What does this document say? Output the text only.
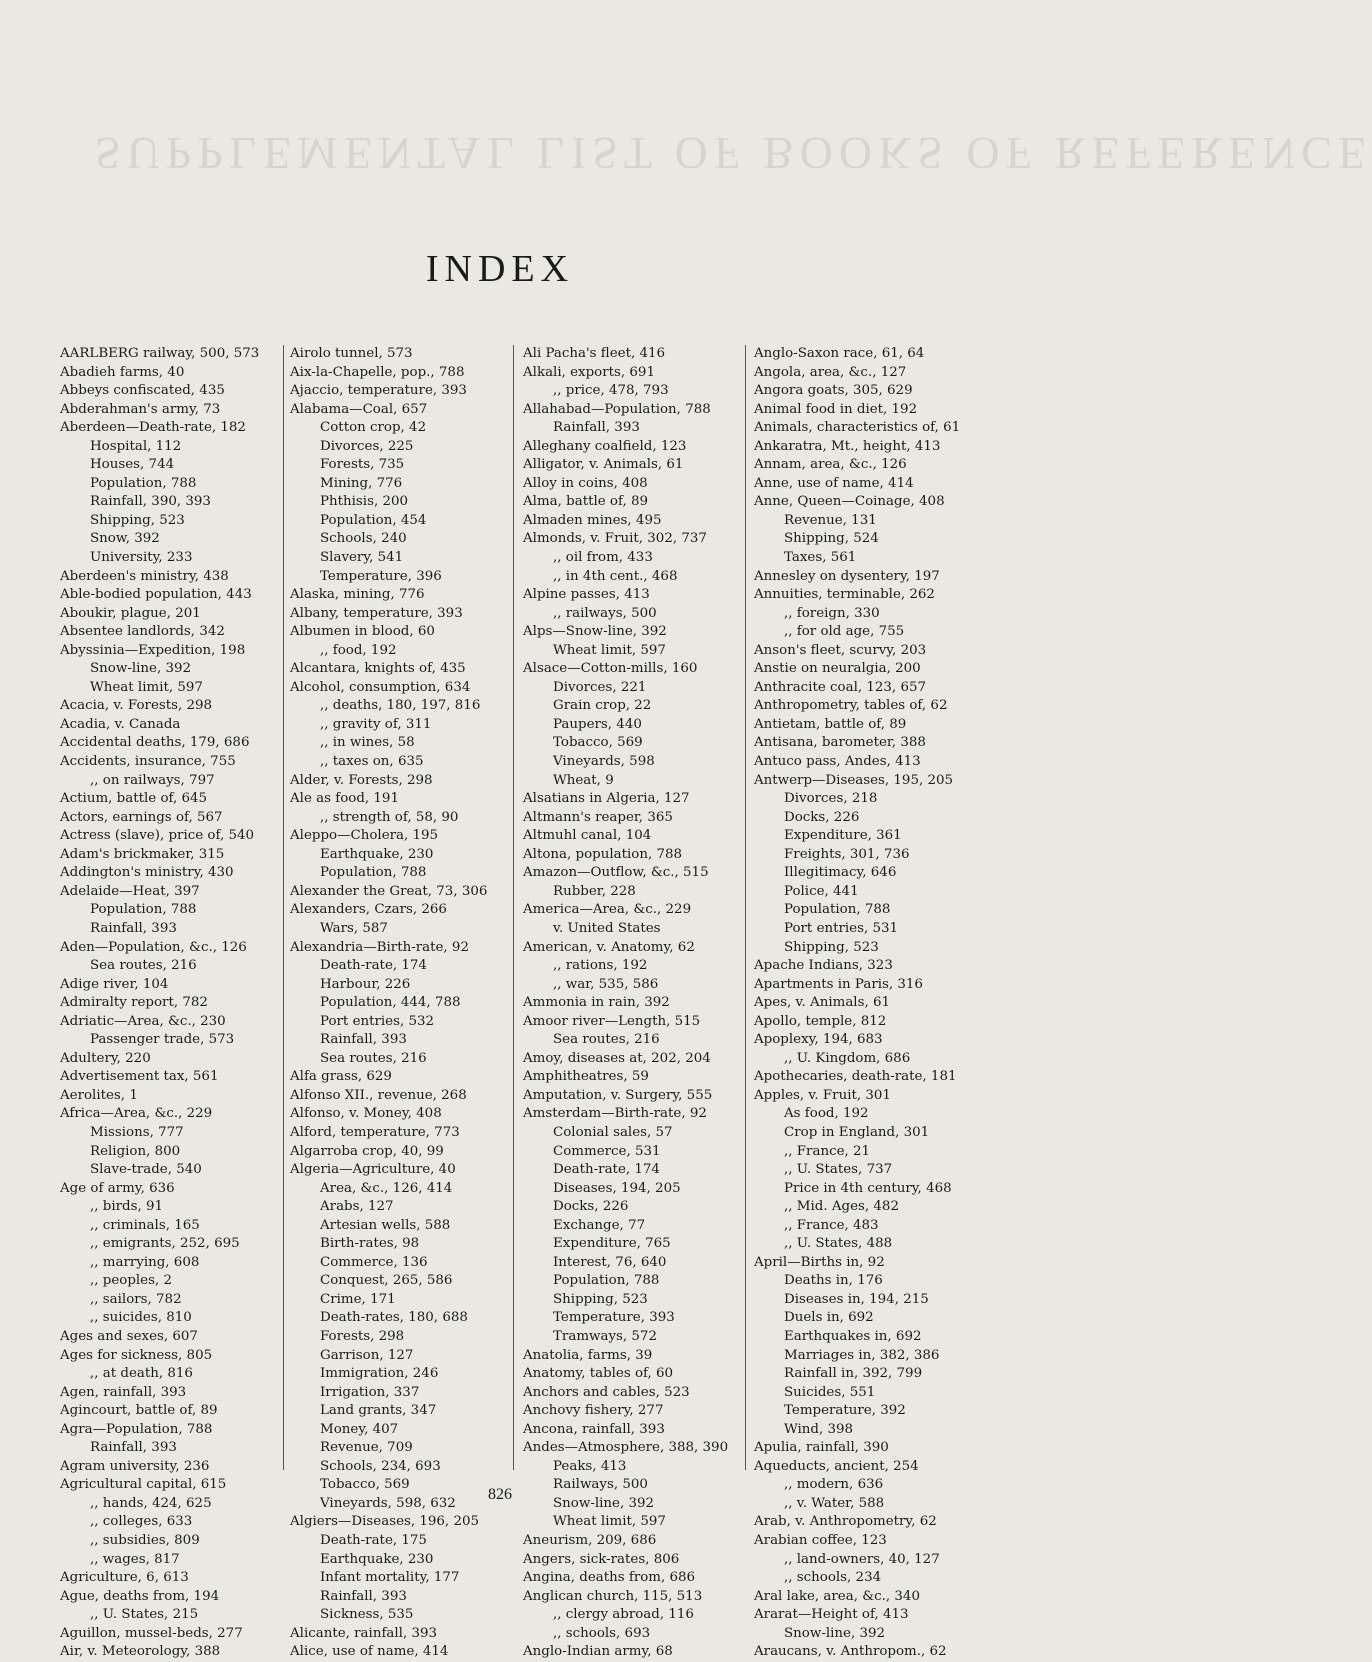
SUPPLEMENTAL LIST OF BOOKS OF REFERENCE
INDEX
AARLBERG railway, 500, 573
Abadieh farms, 40
Abbeys confiscated, 435
Abderahman's army, 73
Aberdeen—Death-rate, 182
Hospital, 112
Houses, 744
Population, 788
Rainfall, 390, 393
Shipping, 523
Snow, 392
University, 233
Aberdeen's ministry, 438
Able-bodied population, 443
Aboukir, plague, 201
Absentee landlords, 342
Abyssinia—Expedition, 198
Snow-line, 392
Wheat limit, 597
Acacia, v. Forests, 298
Acadia, v. Canada
Accidental deaths, 179, 686
Accidents, insurance, 755
,, on railways, 797
Actium, battle of, 645
Actors, earnings of, 567
Actress (slave), price of, 540
Adam's brickmaker, 315
Addington's ministry, 430
Adelaide—Heat, 397
Population, 788
Rainfall, 393
Aden—Population, &c., 126
Sea routes, 216
Adige river, 104
Admiralty report, 782
Adriatic—Area, &c., 230
Passenger trade, 573
Adultery, 220
Advertisement tax, 561
Aerolites, 1
Africa—Area, &c., 229
Missions, 777
Religion, 800
Slave-trade, 540
Age of army, 636
,, birds, 91
,, criminals, 165
,, emigrants, 252, 695
,, marrying, 608
,, peoples, 2
,, sailors, 782
,, suicides, 810
Ages and sexes, 607
Ages for sickness, 805
,, at death, 816
Agen, rainfall, 393
Agincourt, battle of, 89
Agra—Population, 788
Rainfall, 393
Agram university, 236
Agricultural capital, 615
,, hands, 424, 625
,, colleges, 633
,, subsidies, 809
,, wages, 817
Agriculture, 6, 613
Ague, deaths from, 194
,, U. States, 215
Aguillon, mussel-beds, 277
Air, v. Meteorology, 388
Airolo tunnel, 573
Aix-la-Chapelle, pop., 788
Ajaccio, temperature, 393
Alabama—Coal, 657
Cotton crop, 42
Divorces, 225
Forests, 735
Mining, 776
Phthisis, 200
Population, 454
Schools, 240
Slavery, 541
Temperature, 396
Alaska, mining, 776
Albany, temperature, 393
Albumen in blood, 60
,, food, 192
Alcantara, knights of, 435
Alcohol, consumption, 634
,, deaths, 180, 197, 816
,, gravity of, 311
,, in wines, 58
,, taxes on, 635
Alder, v. Forests, 298
Ale as food, 191
,, strength of, 58, 90
Aleppo—Cholera, 195
Earthquake, 230
Population, 788
Alexander the Great, 73, 306
Alexanders, Czars, 266
Wars, 587
Alexandria—Birth-rate, 92
Death-rate, 174
Harbour, 226
Population, 444, 788
Port entries, 532
Rainfall, 393
Sea routes, 216
Alfa grass, 629
Alfonso XII., revenue, 268
Alfonso, v. Money, 408
Alford, temperature, 773
Algarroba crop, 40, 99
Algeria—Agriculture, 40
Area, &c., 126, 414
Arabs, 127
Artesian wells, 588
Birth-rates, 98
Commerce, 136
Conquest, 265, 586
Crime, 171
Death-rates, 180, 688
Forests, 298
Garrison, 127
Immigration, 246
Irrigation, 337
Land grants, 347
Money, 407
Revenue, 709
Schools, 234, 693
Tobacco, 569
Vineyards, 598, 632
Algiers—Diseases, 196, 205
Death-rate, 175
Earthquake, 230
Infant mortality, 177
Rainfall, 393
Sickness, 535
Alicante, rainfall, 393
Alice, use of name, 414
Ali Pacha's fleet, 416
Alkali, exports, 691
,, price, 478, 793
Allahabad—Population, 788
Rainfall, 393
Alleghany coalfield, 123
Alligator, v. Animals, 61
Alloy in coins, 408
Alma, battle of, 89
Almaden mines, 495
Almonds, v. Fruit, 302, 737
,, oil from, 433
,, in 4th cent., 468
Alpine passes, 413
,, railways, 500
Alps—Snow-line, 392
Wheat limit, 597
Alsace—Cotton-mills, 160
Divorces, 221
Grain crop, 22
Paupers, 440
Tobacco, 569
Vineyards, 598
Wheat, 9
Alsatians in Algeria, 127
Altmann's reaper, 365
Altmuhl canal, 104
Altona, population, 788
Amazon—Outflow, &c., 515
Rubber, 228
America—Area, &c., 229
v. United States
American, v. Anatomy, 62
,, rations, 192
,, war, 535, 586
Ammonia in rain, 392
Amoor river—Length, 515
Sea routes, 216
Amoy, diseases at, 202, 204
Amphitheatres, 59
Amputation, v. Surgery, 555
Amsterdam—Birth-rate, 92
Colonial sales, 57
Commerce, 531
Death-rate, 174
Diseases, 194, 205
Docks, 226
Exchange, 77
Expenditure, 765
Interest, 76, 640
Population, 788
Shipping, 523
Temperature, 393
Tramways, 572
Anatolia, farms, 39
Anatomy, tables of, 60
Anchors and cables, 523
Anchovy fishery, 277
Ancona, rainfall, 393
Andes—Atmosphere, 388, 390
Peaks, 413
Railways, 500
Snow-line, 392
Wheat limit, 597
Aneurism, 209, 686
Angers, sick-rates, 806
Angina, deaths from, 686
Anglican church, 115, 513
,, clergy abroad, 116
,, schools, 693
Anglo-Indian army, 68
Anglo-Saxon race, 61, 64
Angola, area, &c., 127
Angora goats, 305, 629
Animal food in diet, 192
Animals, characteristics of, 61
Ankaratra, Mt., height, 413
Annam, area, &c., 126
Anne, use of name, 414
Anne, Queen—Coinage, 408
Revenue, 131
Shipping, 524
Taxes, 561
Annesley on dysentery, 197
Annuities, terminable, 262
,, foreign, 330
,, for old age, 755
Anson's fleet, scurvy, 203
Anstie on neuralgia, 200
Anthracite coal, 123, 657
Anthropometry, tables of, 62
Antietam, battle of, 89
Antisana, barometer, 388
Antuco pass, Andes, 413
Antwerp—Diseases, 195, 205
Divorces, 218
Docks, 226
Expenditure, 361
Freights, 301, 736
Illegitimacy, 646
Police, 441
Population, 788
Port entries, 531
Shipping, 523
Apache Indians, 323
Apartments in Paris, 316
Apes, v. Animals, 61
Apollo, temple, 812
Apoplexy, 194, 683
,, U. Kingdom, 686
Apothecaries, death-rate, 181
Apples, v. Fruit, 301
As food, 192
Crop in England, 301
,, France, 21
,, U. States, 737
Price in 4th century, 468
,, Mid. Ages, 482
,, France, 483
,, U. States, 488
April—Births in, 92
Deaths in, 176
Diseases in, 194, 215
Duels in, 692
Earthquakes in, 692
Marriages in, 382, 386
Rainfall in, 392, 799
Suicides, 551
Temperature, 392
Wind, 398
Apulia, rainfall, 390
Aqueducts, ancient, 254
,, modern, 636
,, v. Water, 588
Arab, v. Anthropometry, 62
Arabian coffee, 123
,, land-owners, 40, 127
,, schools, 234
Aral lake, area, &c., 340
Ararat—Height of, 413
Snow-line, 392
Araucans, v. Anthropom., 62
826
